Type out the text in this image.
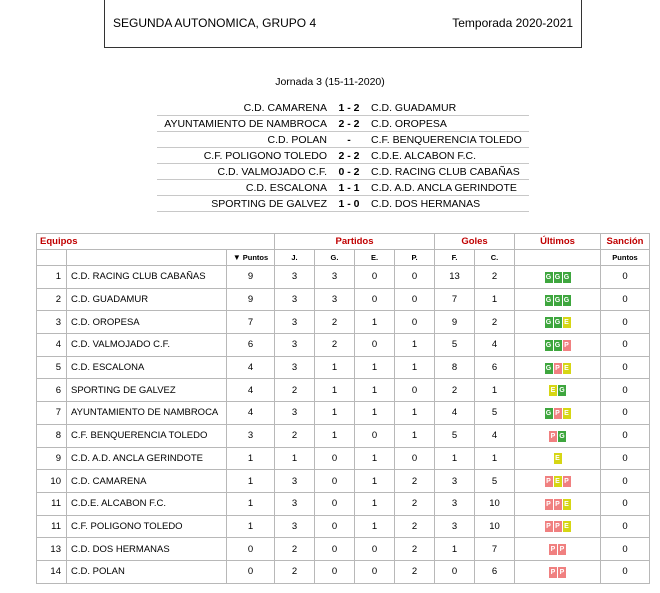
SEGUNDA AUTONOMICA, GRUPO 4	Temporada 2020-2021
Jornada 3 (15-11-2020)
C.D. CAMARENA	1 - 2	C.D. GUADAMUR
AYUNTAMIENTO DE NAMBROCA	2 - 2	C.D. OROPESA
C.D. POLAN	-	C.F. BENQUERENCIA TOLEDO
C.F. POLIGONO TOLEDO	2 - 2	C.D.E. ALCABON F.C.
C.D. VALMOJADO C.F.	0 - 2	C.D. RACING CLUB CABAÑAS
C.D. ESCALONA	1 - 1	C.D. A.D. ANCLA GERINDOTE
SPORTING DE GALVEZ	1 - 0	C.D. DOS HERMANAS
Equipos			Partidos				Goles		Últimos	Sanción
		▼ Puntos	J.	G.	E.	P.	F.	C.		Puntos
1	C.D. RACING CLUB CABAÑAS	9	3	3	0	0	13	2	G G G	0
2	C.D. GUADAMUR	9	3	3	0	0	7	1	G G G	0
3	C.D. OROPESA	7	3	2	1	0	9	2	G G E	0
4	C.D. VALMOJADO C.F.	6	3	2	0	1	5	4	G G P	0
5	C.D. ESCALONA	4	3	1	1	1	8	6	G P E	0
6	SPORTING DE GALVEZ	4	2	1	1	0	2	1	E G	0
7	AYUNTAMIENTO DE NAMBROCA	4	3	1	1	1	4	5	G P E	0
8	C.F. BENQUERENCIA TOLEDO	3	2	1	0	1	5	4	P G	0
9	C.D. A.D. ANCLA GERINDOTE	1	1	0	1	0	1	1	E	0
10	C.D. CAMARENA	1	3	0	1	2	3	5	P E P	0
11	C.D.E. ALCABON F.C.	1	3	0	1	2	3	10	P P E	0
11	C.F. POLIGONO TOLEDO	1	3	0	1	2	3	10	P P E	0
13	C.D. DOS HERMANAS	0	2	0	0	2	1	7	P P	0
14	C.D. POLAN	0	2	0	0	2	0	6	P P	0
